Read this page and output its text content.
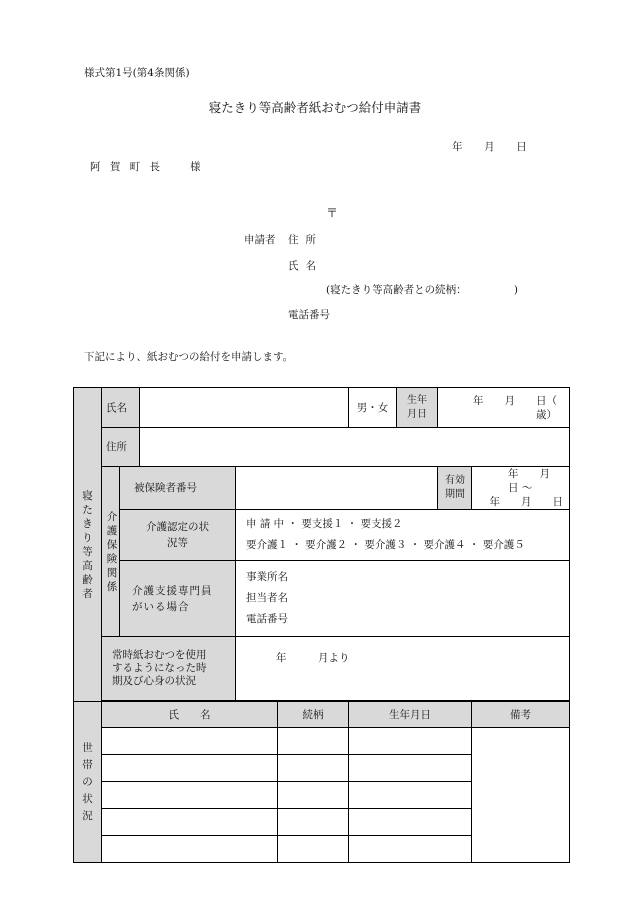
様式第1号(第4条関係)
寝たきり等高齢者紙おむつ給付申請書
年　　月　　日
阿 賀 町 長　　様
〒
申請者 住所
氏名
(寝たきり等高齢者との続柄：　　　　　)
電話番号
下記により、紙おむつの給付を申請します。
寝たきり等高齢者	氏名					男・女	生年月日	年　　月　　日（　　歳）	
	住所								

	介護保険関係	被保険者番号						有効期間	年　　月　　日 〜
年　　月　　日

		介護認定の状況等		申 請 中 ・ 要支援１ ・ 要支援２
要介護１ ・ 要介護２ ・ 要介護３ ・ 要介護４ ・ 要介護５					

		介護支援専門員がいる場合		事業所名
担当者名
電話番号					

	常時紙おむつを使用するようになった時期及び心身の状況			年　　　月より					

世帯の状況	氏　　名				続柄	生年月日			備考
